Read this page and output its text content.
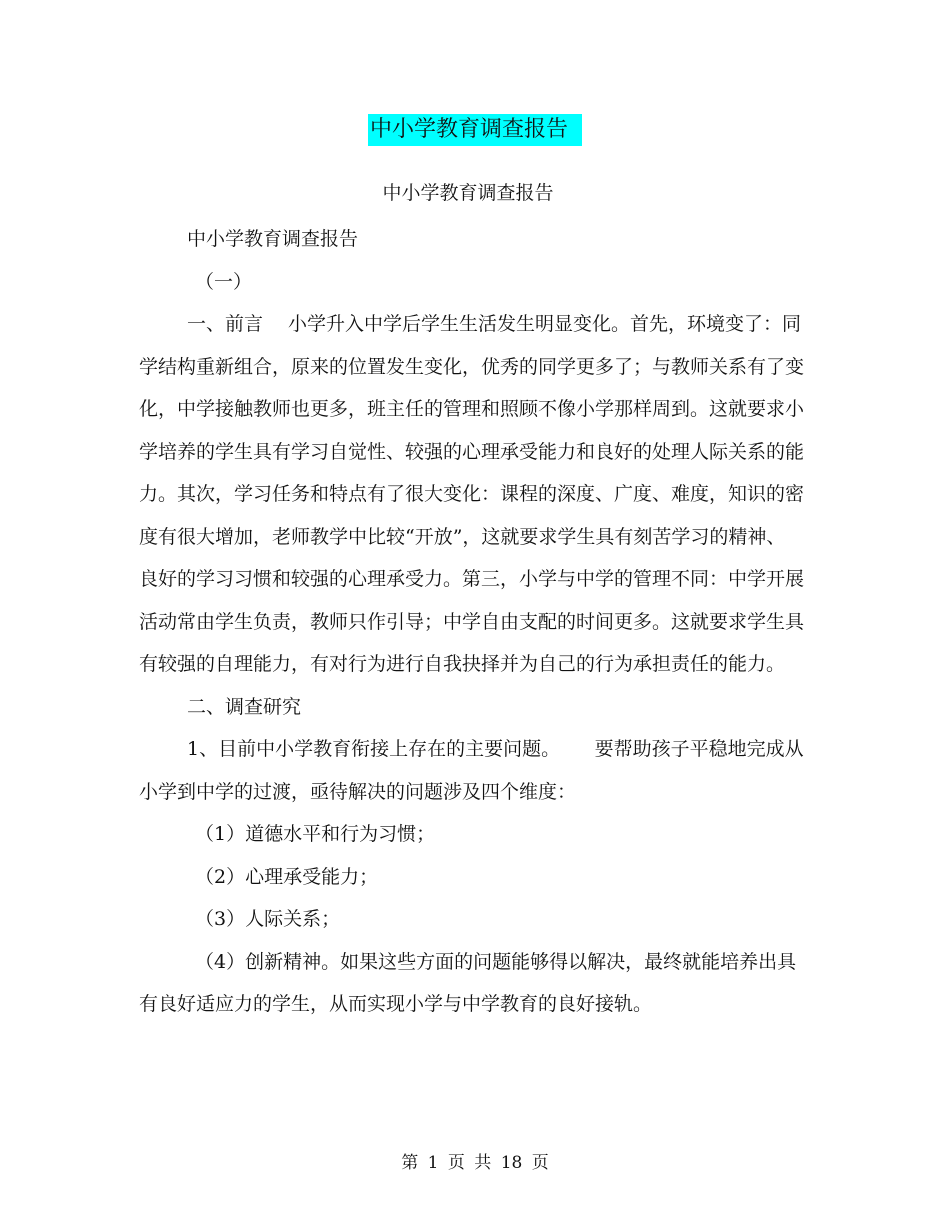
中小学教育调查报告
中小学教育调查报告

中小学教育调查报告

（一）

一、前言　 小学升入中学后学生生活发生明显变化。首先，环境变了：同学结构重新组合，原来的位置发生变化，优秀的同学更多了；与教师关系有了变化，中学接触教师也更多，班主任的管理和照顾不像小学那样周到。这就要求小学培养的学生具有学习自觉性、较强的心理承受能力和良好的处理人际关系的能力。其次，学习任务和特点有了很大变化：课程的深度、广度、难度，知识的密度有很大增加，老师教学中比较“开放”，这就要求学生具有刻苦学习的精神、良好的学习习惯和较强的心理承受力。第三，小学与中学的管理不同：中学开展活动常由学生负责，教师只作引导；中学自由支配的时间更多。这就要求学生具有较强的自理能力，有对行为进行自我抉择并为自己的行为承担责任的能力。

二、调查研究

1、目前中小学教育衔接上存在的主要问题。　　 要帮助孩子平稳地完成从小学到中学的过渡，亟待解决的问题涉及四个维度：

（1）道德水平和行为习惯；

（2）心理承受能力；

（3）人际关系；

（4）创新精神。如果这些方面的问题能够得以解决，最终就能培养出具有良好适应力的学生，从而实现小学与中学教育的良好接轨。

第 1 页 共 18 页
